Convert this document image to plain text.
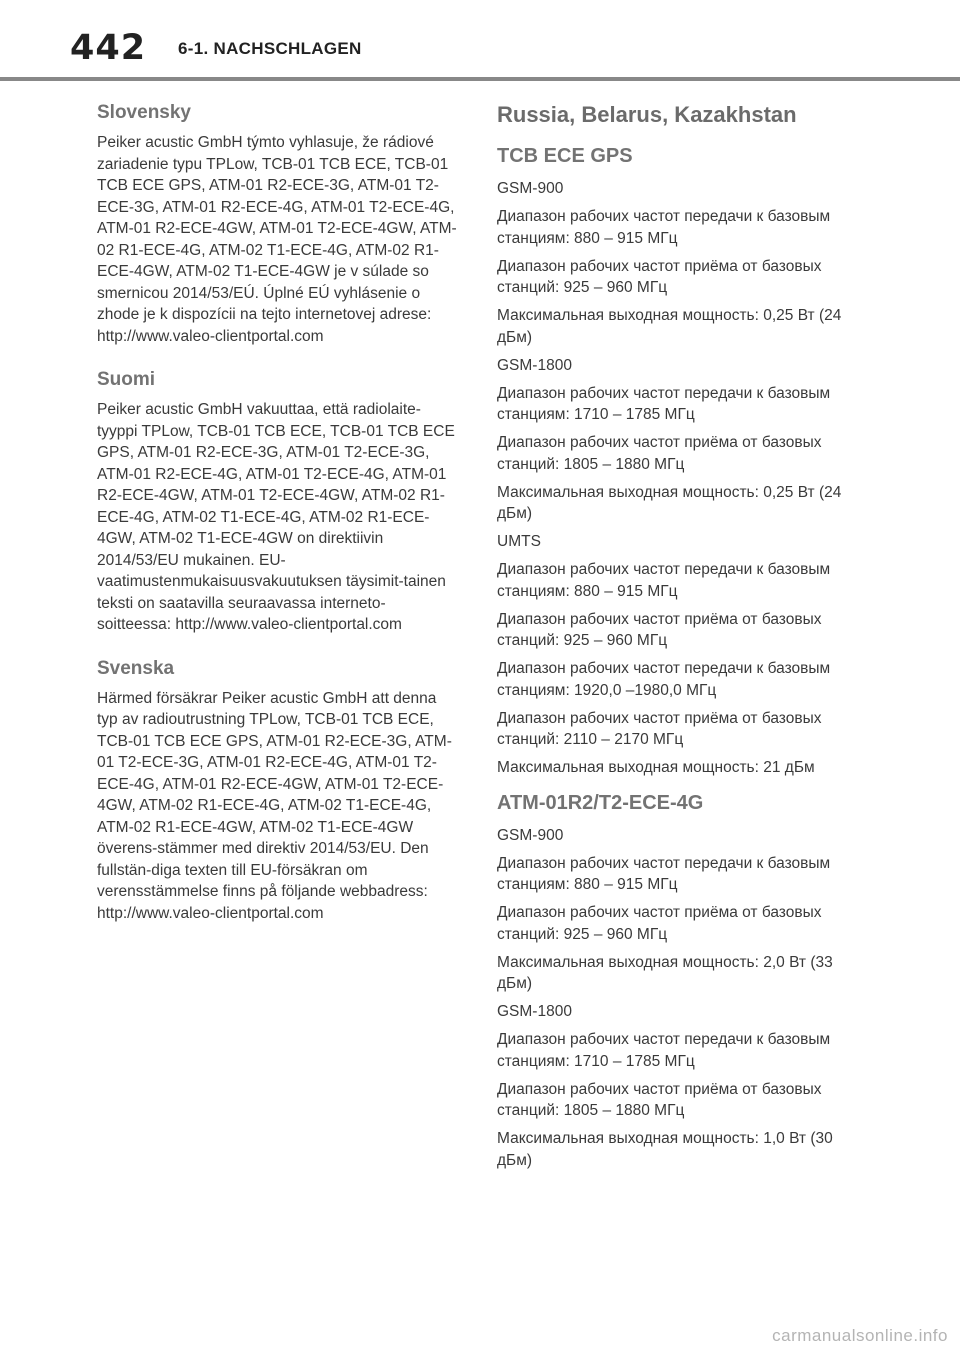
442 6-1. NACHSCHLAGEN
Slovensky

Peiker acustic GmbH týmto vyhlasuje, že rádiové zariadenie typu TPLow, TCB-01 TCB ECE, TCB-01 TCB ECE GPS, ATM-01 R2-ECE-3G, ATM-01 T2-ECE-3G, ATM-01 R2-ECE-4G, ATM-01 T2-ECE-4G, ATM-01 R2-ECE-4GW, ATM-01 T2-ECE-4GW, ATM-02 R1-ECE-4G, ATM-02 T1-ECE-4G, ATM-02 R1-ECE-4GW, ATM-02 T1-ECE-4GW je v súlade so smernicou 2014/53/EÚ. Úplné EÚ vyhlásenie o zhode je k dispozícii na tejto internetovej adrese: http://www.valeo-clientportal.com

Suomi

Peiker acustic GmbH vakuuttaa, että radiolaite-tyyppi TPLow, TCB-01 TCB ECE, TCB-01 TCB ECE GPS, ATM-01 R2-ECE-3G, ATM-01 T2-ECE-3G, ATM-01 R2-ECE-4G, ATM-01 T2-ECE-4G, ATM-01 R2-ECE-4GW, ATM-01 T2-ECE-4GW, ATM-02 R1-ECE-4G, ATM-02 T1-ECE-4G, ATM-02 R1-ECE-4GW, ATM-02 T1-ECE-4GW on direktiivin 2014/53/EU mukainen. EU-vaatimustenmukaisuusvakuutuksen täysimit-tainen teksti on saatavilla seuraavassa interneto-soitteessa: http://www.valeo-clientportal.com

Svenska

Härmed försäkrar Peiker acustic GmbH att denna typ av radioutrustning TPLow, TCB-01 TCB ECE, TCB-01 TCB ECE GPS, ATM-01 R2-ECE-3G, ATM-01 T2-ECE-3G, ATM-01 R2-ECE-4G, ATM-01 T2-ECE-4G, ATM-01 R2-ECE-4GW, ATM-01 T2-ECE-4GW, ATM-02 R1-ECE-4G, ATM-02 T1-ECE-4G, ATM-02 R1-ECE-4GW, ATM-02 T1-ECE-4GW överens-stämmer med direktiv 2014/53/EU. Den fullstän-diga texten till EU-försäkran om verensstämmelse finns på följande webbadress: http://www.valeo-clientportal.com

Russia, Belarus, Kazakhstan
TCB ECE GPS

GSM-900

Диапазон рабочих частот передачи к базовым станциям: 880 – 915 МГц

Диапазон рабочих частот приёма от базовых станций: 925 – 960 МГц

Максимальная выходная мощность: 0,25 Вт (24 дБм)

GSM-1800

Диапазон рабочих частот передачи к базовым станциям: 1710 – 1785 МГц

Диапазон рабочих частот приёма от базовых станций: 1805 – 1880 МГц

Максимальная выходная мощность: 0,25 Вт (24 дБм)

UMTS

Диапазон рабочих частот передачи к базовым станциям: 880 – 915 МГц

Диапазон рабочих частот приёма от базовых станций: 925 – 960 МГц

Диапазон рабочих частот передачи к базовым станциям: 1920,0 –1980,0 МГц

Диапазон рабочих частот приёма от базовых станций: 2110 – 2170 МГц

Максимальная выходная мощность: 21 дБм

ATM-01R2/T2-ECE-4G

GSM-900

Диапазон рабочих частот передачи к базовым станциям: 880 – 915 МГц

Диапазон рабочих частот приёма от базовых станций: 925 – 960 МГц

Максимальная выходная мощность: 2,0 Вт (33 дБм)

GSM-1800

Диапазон рабочих частот передачи к базовым станциям: 1710 – 1785 МГц

Диапазон рабочих частот приёма от базовых станций: 1805 – 1880 МГц

Максимальная выходная мощность: 1,0 Вт (30 дБм)

carmanualsonline.info
